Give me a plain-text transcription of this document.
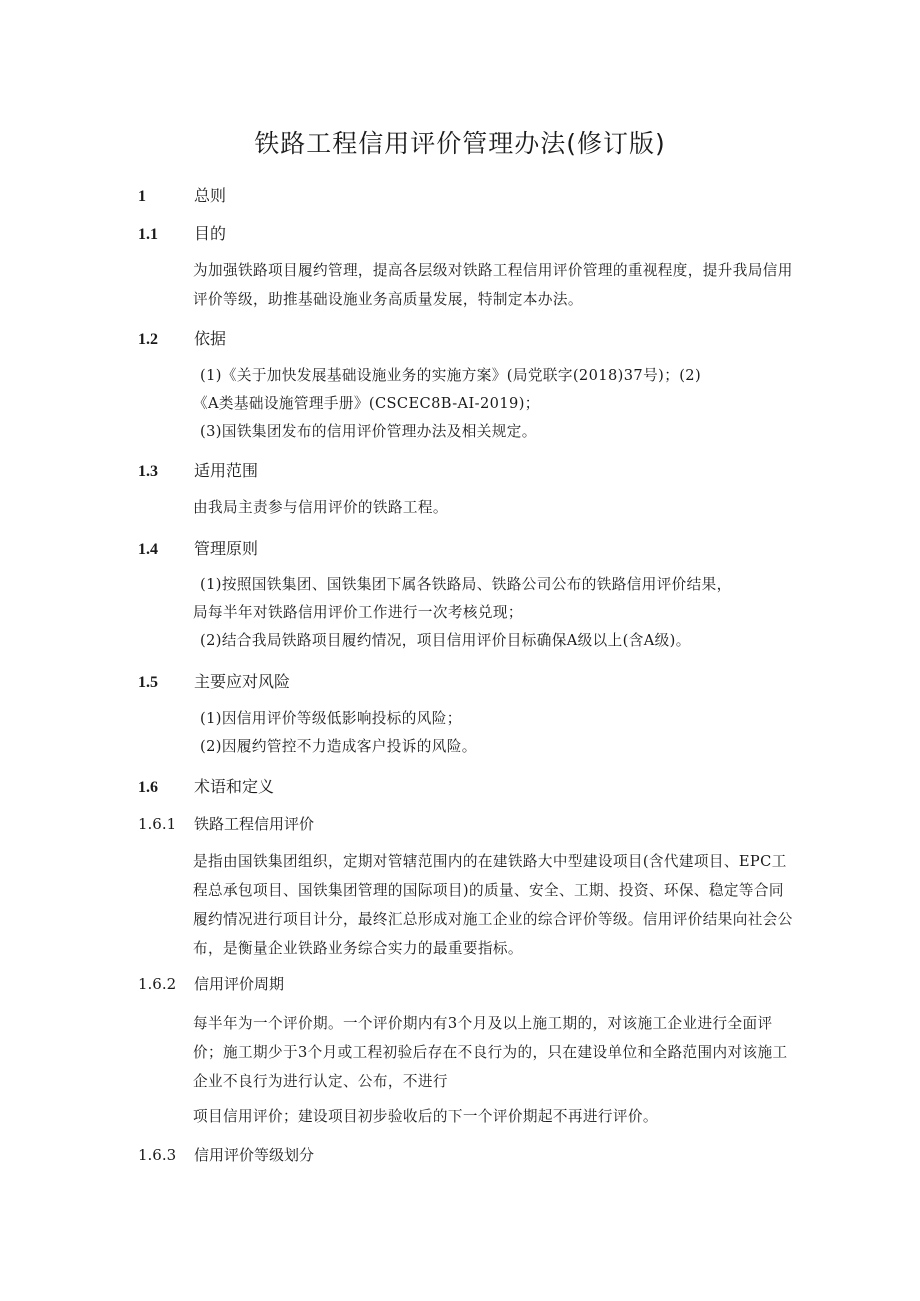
铁路工程信用评价管理办法(修订版)
1	总则
1.1 目的
为加强铁路项目履约管理，提高各层级对铁路工程信用评价管理的重视程度，提升我局信用评价等级，助推基础设施业务高质量发展，特制定本办法。
1.2 依据
(1)《关于加快发展基础设施业务的实施方案》(局党联字(2018)37号)；(2)
《A类基础设施管理手册》(CSCEC8B-AI-2019)；
(3)国铁集团发布的信用评价管理办法及相关规定。
1.3 适用范围
由我局主责参与信用评价的铁路工程。
1.4 管理原则
(1)按照国铁集团、国铁集团下属各铁路局、铁路公司公布的铁路信用评价结果，
局每半年对铁路信用评价工作进行一次考核兑现；
(2)结合我局铁路项目履约情况，项目信用评价目标确保A级以上(含A级)。
1.5 主要应对风险
(1)因信用评价等级低影响投标的风险；
(2)因履约管控不力造成客户投诉的风险。
1.6 术语和定义
1.6.1 铁路工程信用评价
是指由国铁集团组织，定期对管辖范围内的在建铁路大中型建设项目(含代建项目、EPC工程总承包项目、国铁集团管理的国际项目)的质量、安全、工期、投资、环保、稳定等合同履约情况进行项目计分，最终汇总形成对施工企业的综合评价等级。信用评价结果向社会公布，是衡量企业铁路业务综合实力的最重要指标。
1.6.2 信用评价周期
每半年为一个评价期。一个评价期内有3个月及以上施工期的，对该施工企业进行全面评价；施工期少于3个月或工程初验后存在不良行为的，只在建设单位和全路范围内对该施工企业不良行为进行认定、公布，不进行
项目信用评价；建设项目初步验收后的下一个评价期起不再进行评价。
1.6.3 信用评价等级划分
